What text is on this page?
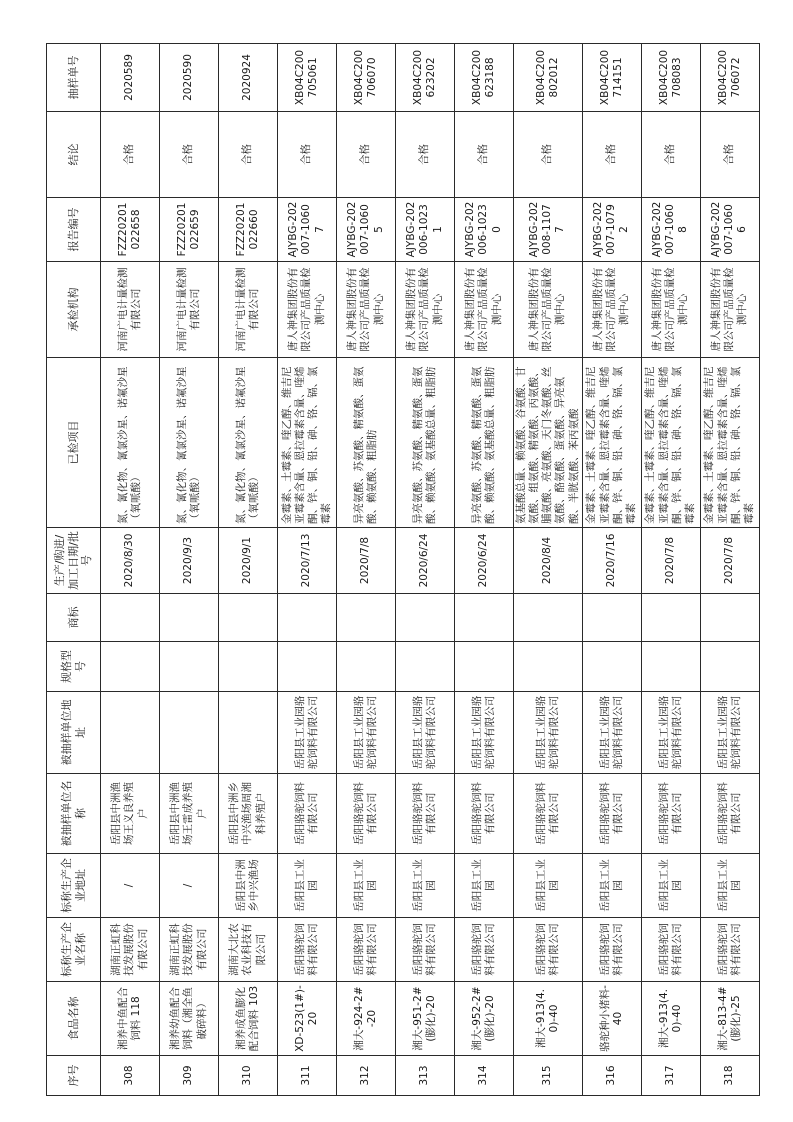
序号	食品名称	标称生产企业名称	标称生产企业地址	被抽样单位名称	被抽样单位地址	规格型号	商标	生产/购进/加工日期/批号	已检项目	承检机构	报告编号	结论	抽样单号
308	湘养中鱼配合饲料 118	湖南正虹科技发展股份有限公司	/	岳阳县中洲渔场王义良养殖户				2020/8/30	氮、氰化物、氰氯沙星、诺氟沙星（氧哌酸）	河南广电计量检测有限公司	FZZ20201022658	合格	2020589
309	湘养幼鱼配合饲料（湘全鱼破碎料）	湖南正虹科技发展股份有限公司	/	岳阳县中洲渔场王雷成养殖户				2020/9/3	氮、氰化物、氰氯沙星、诺氟沙星（氧哌酸）	河南广电计量检测有限公司	FZZ20201022659	合格	2020590
310	湘养成鱼膨化配合饲料 103	湖南大北农农业科技有限公司	岳阳县中洲乡中兴渔场	岳阳县中洲乡中兴渔场周湘科养殖户				2020/9/1	氮、氰化物、氰氯沙星、诺氟沙星（氧哌酸）	河南广电计量检测有限公司	FZZ20201022660	合格	2020924
311	XD-523(1#)-20	岳阳骆驼饲料有限公司	岳阳县工业园	岳阳骆驼饲料有限公司	岳阳县工业园骆驼饲料有限公司			2020/7/13	金霉素、土霉素、喹乙醇、维吉尼亚霉素含量、恩拉霉素含量、喹烯酮、锌、铜、铅、砷、铬、镉、氯霉素	唐人神集团股份有限公司产品质量检测中心	AJYBG-202007-10607	合格	XB04C200705061
312	湘大-924-2#-20	岳阳骆驼饲料有限公司	岳阳县工业园	岳阳骆驼饲料有限公司	岳阳县工业园骆驼饲料有限公司			2020/7/8	异亮氨酸、苏氨酸、精氨酸、蛋氨酸、赖氨酸、粗脂肪	唐人神集团股份有限公司产品质量检测中心	AJYBG-202007-10605	合格	XB04C200706070
313	湘大-951-2#(膨化)-20	岳阳骆驼饲料有限公司	岳阳县工业园	岳阳骆驼饲料有限公司	岳阳县工业园骆驼饲料有限公司			2020/6/24	异亮氨酸、苏氨酸、精氨酸、蛋氨酸、赖氨酸、氨基酸总量、粗脂肪	唐人神集团股份有限公司产品质量检测中心	AJYBG-202006-10231	合格	XB04C200623202
314	湘大-952-2#(膨化)-20	岳阳骆驼饲料有限公司	岳阳县工业园	岳阳骆驼饲料有限公司	岳阳县工业园骆驼饲料有限公司			2020/6/24	异亮氨酸、苏氨酸、精氨酸、蛋氨酸、赖氨酸、氨基酸总量、粗脂肪	唐人神集团股份有限公司产品质量检测中心	AJYBG-202006-10230	合格	XB04C200623188
315	湘大-913(4.0)-40	岳阳骆驼饲料有限公司	岳阳县工业园	岳阳骆驼饲料有限公司	岳阳县工业园骆驼饲料有限公司			2020/8/4	氨基酸总量、赖氨酸、谷氨酸、甘氨酸、组氨酸、精氨酸、丙氨酸、脯氨酸、亮氨酸、天门冬氨酸、丝氨酸、酪氨酸、蛋氨酸、异亮氨酸、半胱氨酸、苯丙氨酸	唐人神集团股份有限公司产品质量检测中心	AJYBG-202008-11077	合格	XB04C200802012
316	骆驼种小猪料-40	岳阳骆驼饲料有限公司	岳阳县工业园	岳阳骆驼饲料有限公司	岳阳县工业园骆驼饲料有限公司			2020/7/16	金霉素、土霉素、喹乙醇、维吉尼亚霉素含量、恩拉霉素含量、喹烯酮、锌、铜、铅、砷、铬、镉、氯霉素	唐人神集团股份有限公司产品质量检测中心	AJYBG-202007-10792	合格	XB04C200714151
317	湘大-913(4.0)-40	岳阳骆驼饲料有限公司	岳阳县工业园	岳阳骆驼饲料有限公司	岳阳县工业园骆驼饲料有限公司			2020/7/8	金霉素、土霉素、喹乙醇、维吉尼亚霉素含量、恩拉霉素含量、喹烯酮、锌、铜、铅、砷、铬、镉、氯霉素	唐人神集团股份有限公司产品质量检测中心	AJYBG-202007-10608	合格	XB04C200708083
318	湘大-813-4#(膨化)-25	岳阳骆驼饲料有限公司	岳阳县工业园	岳阳骆驼饲料有限公司	岳阳县工业园骆驼饲料有限公司			2020/7/8	金霉素、土霉素、喹乙醇、维吉尼亚霉素含量、恩拉霉素含量、喹烯酮、锌、铜、铅、砷、铬、镉、氯霉素	唐人神集团股份有限公司产品质量检测中心	AJYBG-202007-10606	合格	XB04C200706072
